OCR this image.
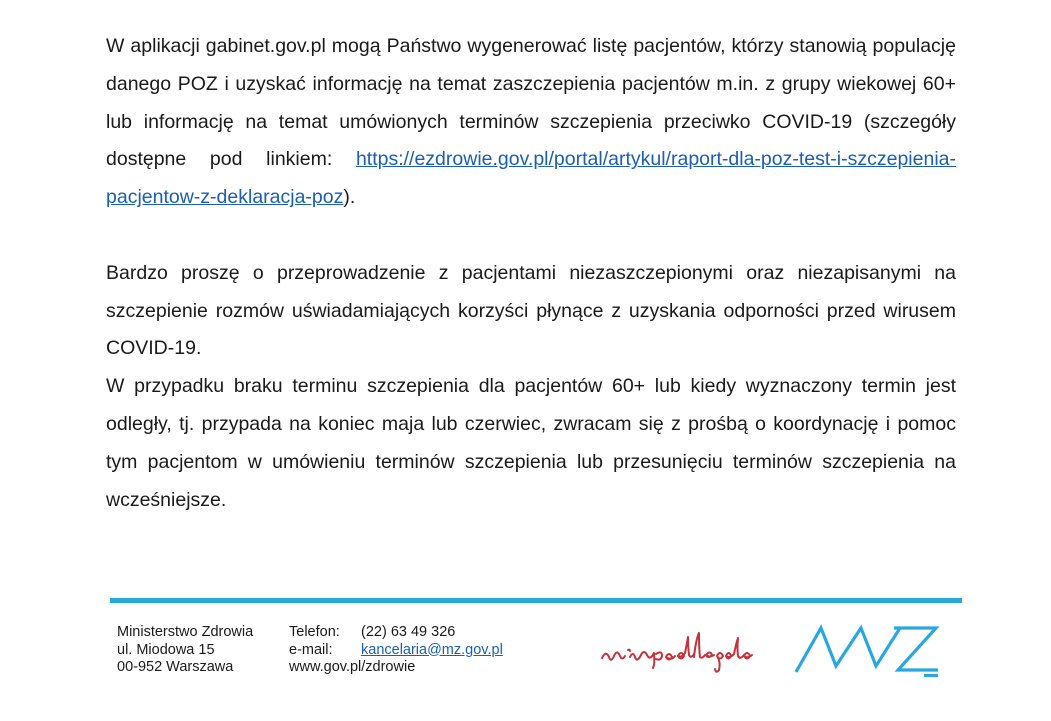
W aplikacji gabinet.gov.pl mogą Państwo wygenerować listę pacjentów, którzy stanowią populację danego POZ i uzyskać informację na temat zaszczepienia pacjentów m.in. z grupy wiekowej 60+ lub informację na temat umówionych terminów szczepienia przeciwko COVID-19 (szczegóły dostępne pod linkiem: https://ezdrowie.gov.pl/portal/artykul/raport-dla-poz-test-i-szczepienia-pacjentow-z-deklaracja-poz).

Bardzo proszę o przeprowadzenie z pacjentami niezaszczepionymi oraz niezapisanymi na szczepienie rozmów uświadamiających korzyści płynące z uzyskania odporności przed wirusem COVID-19.

W przypadku braku terminu szczepienia dla pacjentów 60+ lub kiedy wyznaczony termin jest odległy, tj. przypada na koniec maja lub czerwiec, zwracam się z prośbą o koordynację i pomoc tym pacjentom w umówieniu terminów szczepienia lub przesunięciu terminów szczepienia na wcześniejsze.

Ministerstwo Zdrowia
ul. Miodowa 15
00-952 Warszawa
Telefon: (22) 63 49 326
e-mail: kancelaria@mz.gov.pl
www.gov.pl/zdrowie
